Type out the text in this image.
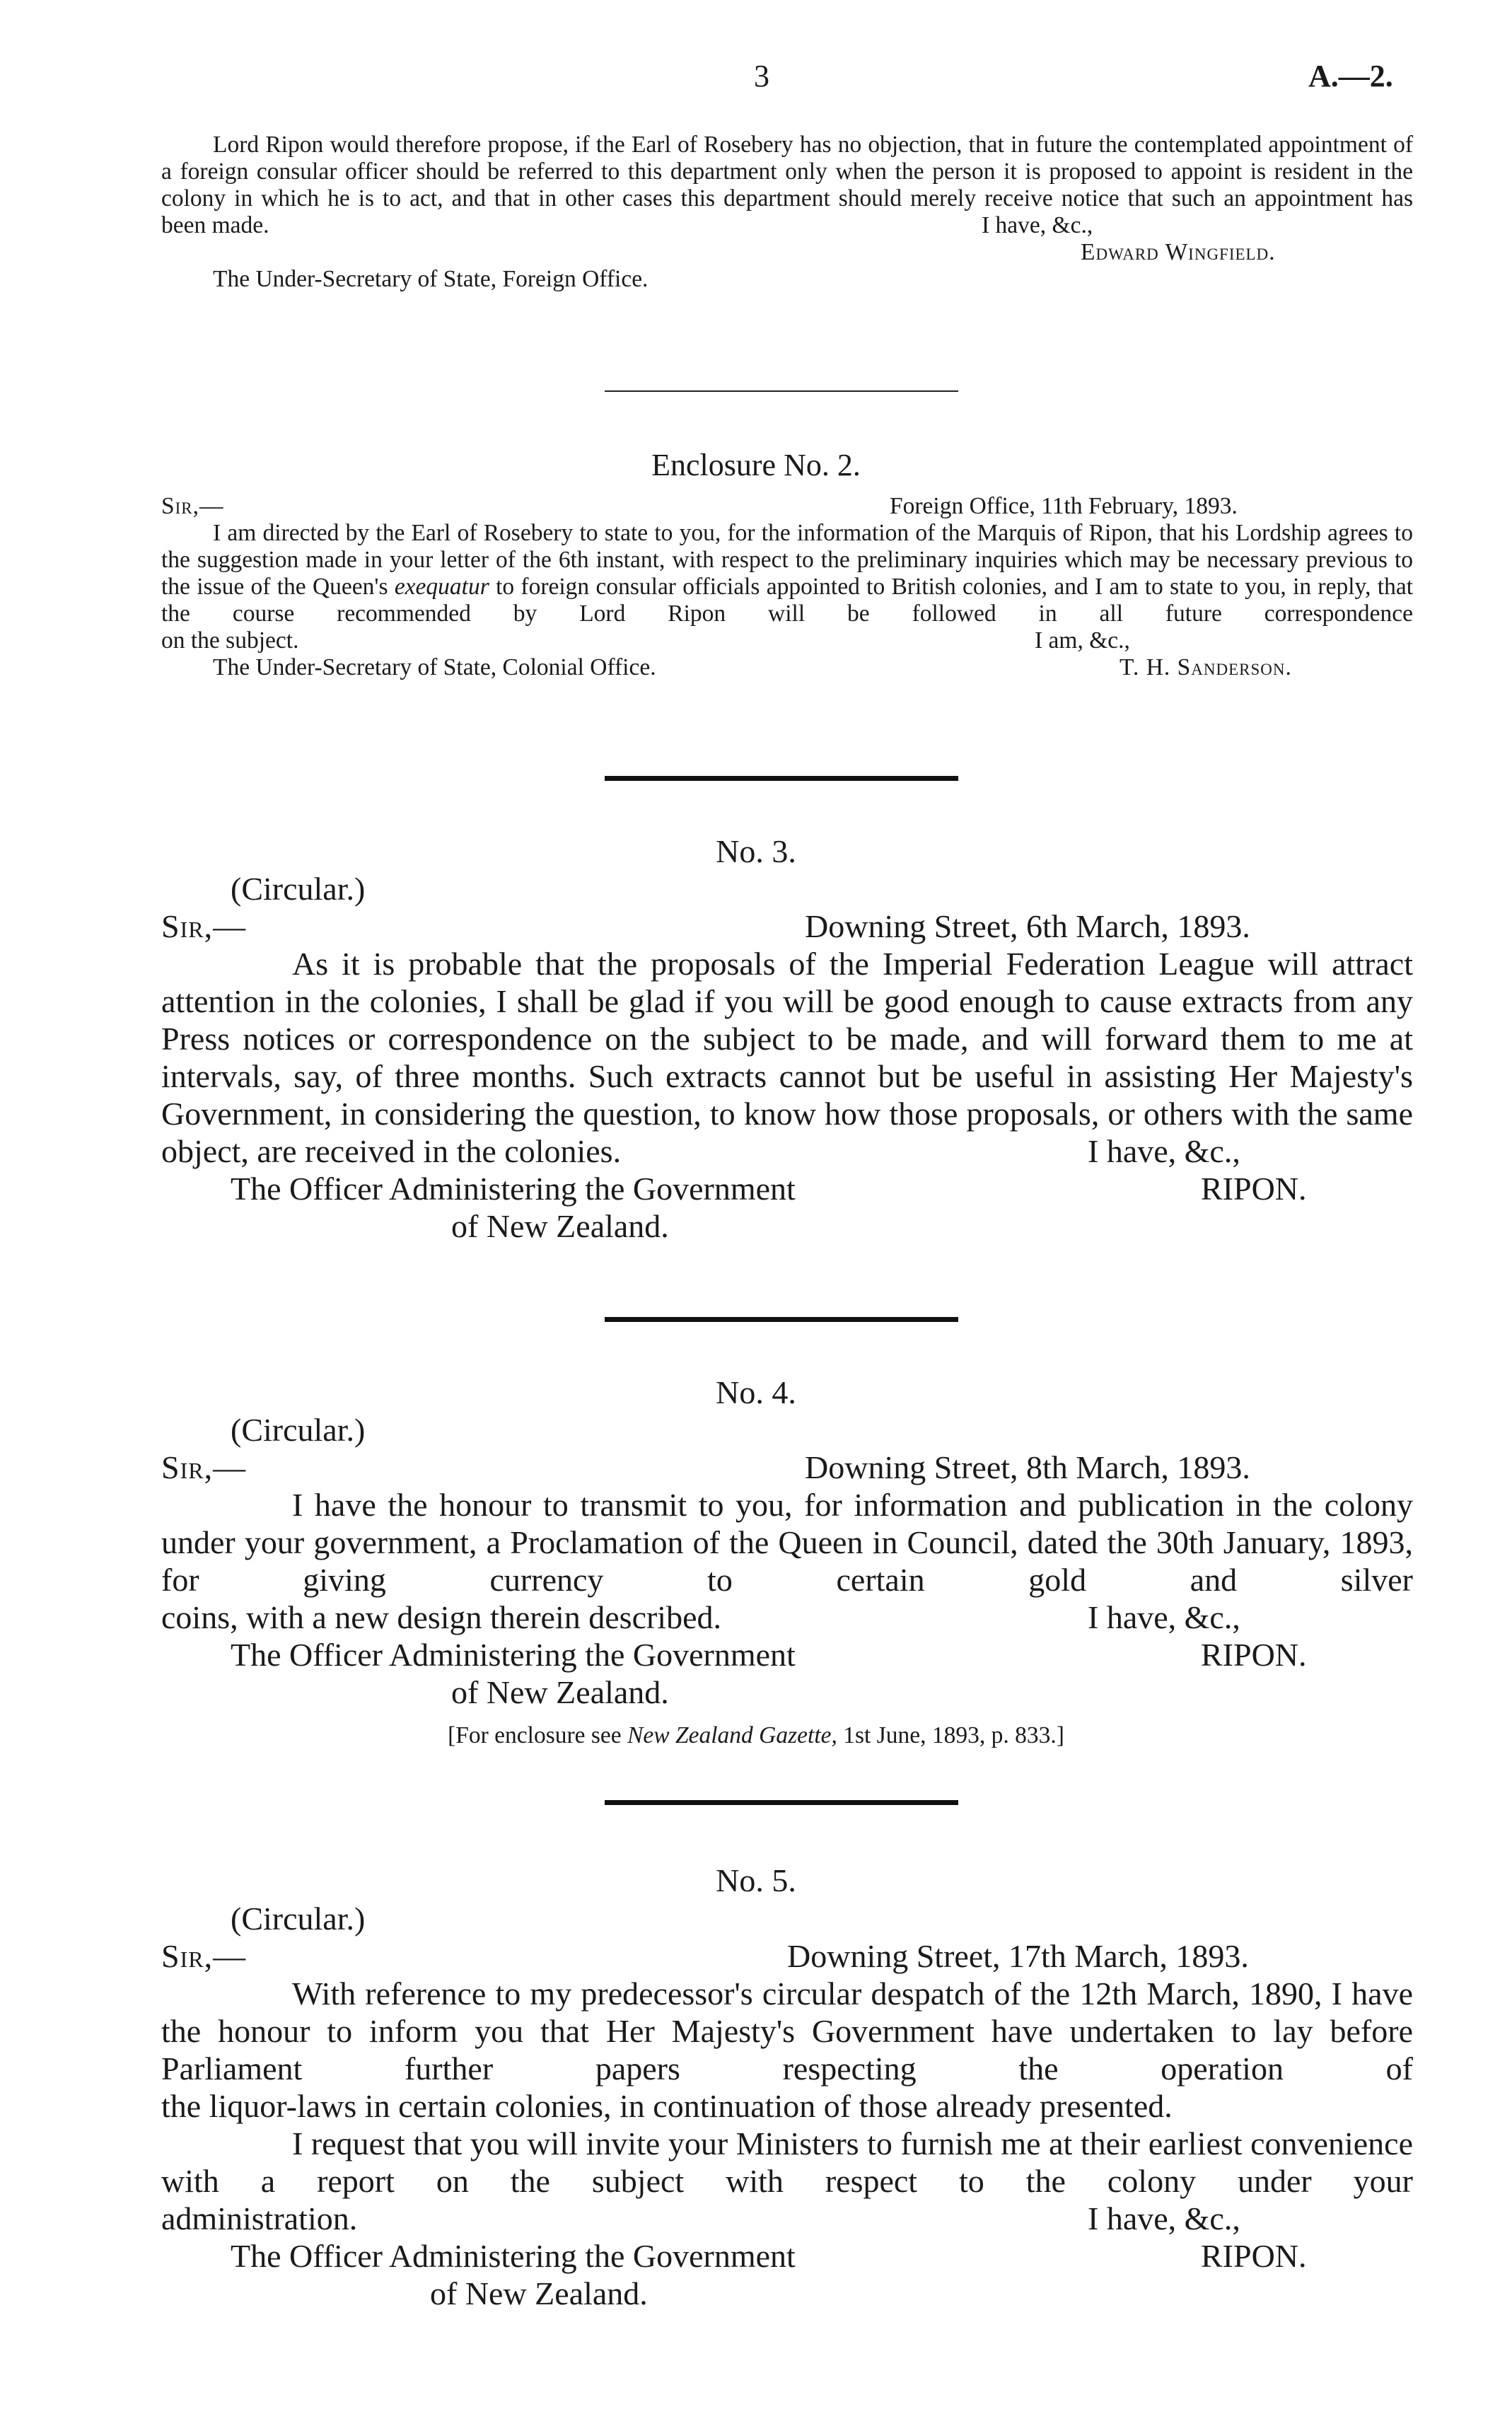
3	A.—2.
Lord Ripon would therefore propose, if the Earl of Rosebery has no objection, that in future the contemplated appointment of a foreign consular officer should be referred to this department only when the person it is proposed to appoint is resident in the colony in which he is to act, and that in other cases this department should merely receive notice that such an appointment has
been made.	I have, &c.,
Edward Wingfield.
The Under-Secretary of State, Foreign Office.
Enclosure No. 2.
Sir,—	Foreign Office, 11th February, 1893.
I am directed by the Earl of Rosebery to state to you, for the information of the Marquis of Ripon, that his Lordship agrees to the suggestion made in your letter of the 6th instant, with respect to the preliminary inquiries which may be necessary previous to the issue of the Queen's exequatur to foreign consular officials appointed to British colonies, and I am to state to you, in reply, that the course recommended by Lord Ripon will be followed in all future correspondence
on the subject.	I am, &c.,
The Under-Secretary of State, Colonial Office.	T. H. Sanderson.
No. 3.
(Circular.)
Sir,—	Downing Street, 6th March, 1893.
As it is probable that the proposals of the Imperial Federation League will attract attention in the colonies, I shall be glad if you will be good enough to cause extracts from any Press notices or correspondence on the subject to be made, and will forward them to me at intervals, say, of three months. Such extracts cannot but be useful in assisting Her Majesty's Government, in considering the question, to know how those proposals, or others with the same
object, are received in the colonies.	I have, &c.,
The Officer Administering the Government	RIPON.
of New Zealand.
No. 4.
(Circular.)
Sir,—	Downing Street, 8th March, 1893.
I have the honour to transmit to you, for information and publication in the colony under your government, a Proclamation of the Queen in Council, dated the 30th January, 1893, for giving currency to certain gold and silver
coins, with a new design therein described.	I have, &c.,
The Officer Administering the Government	RIPON.
of New Zealand.
[For enclosure see New Zealand Gazette, 1st June, 1893, p. 833.]
No. 5.
(Circular.)
Sir,—	Downing Street, 17th March, 1893.
With reference to my predecessor's circular despatch of the 12th March, 1890, I have the honour to inform you that Her Majesty's Government have undertaken to lay before Parliament further papers respecting the operation of
the liquor-laws in certain colonies, in continuation of those already presented.
I request that you will invite your Ministers to furnish me at their earliest convenience with a report on the subject with respect to the colony under your
administration.	I have, &c.,
The Officer Administering the Government	RIPON.
of New Zealand.
